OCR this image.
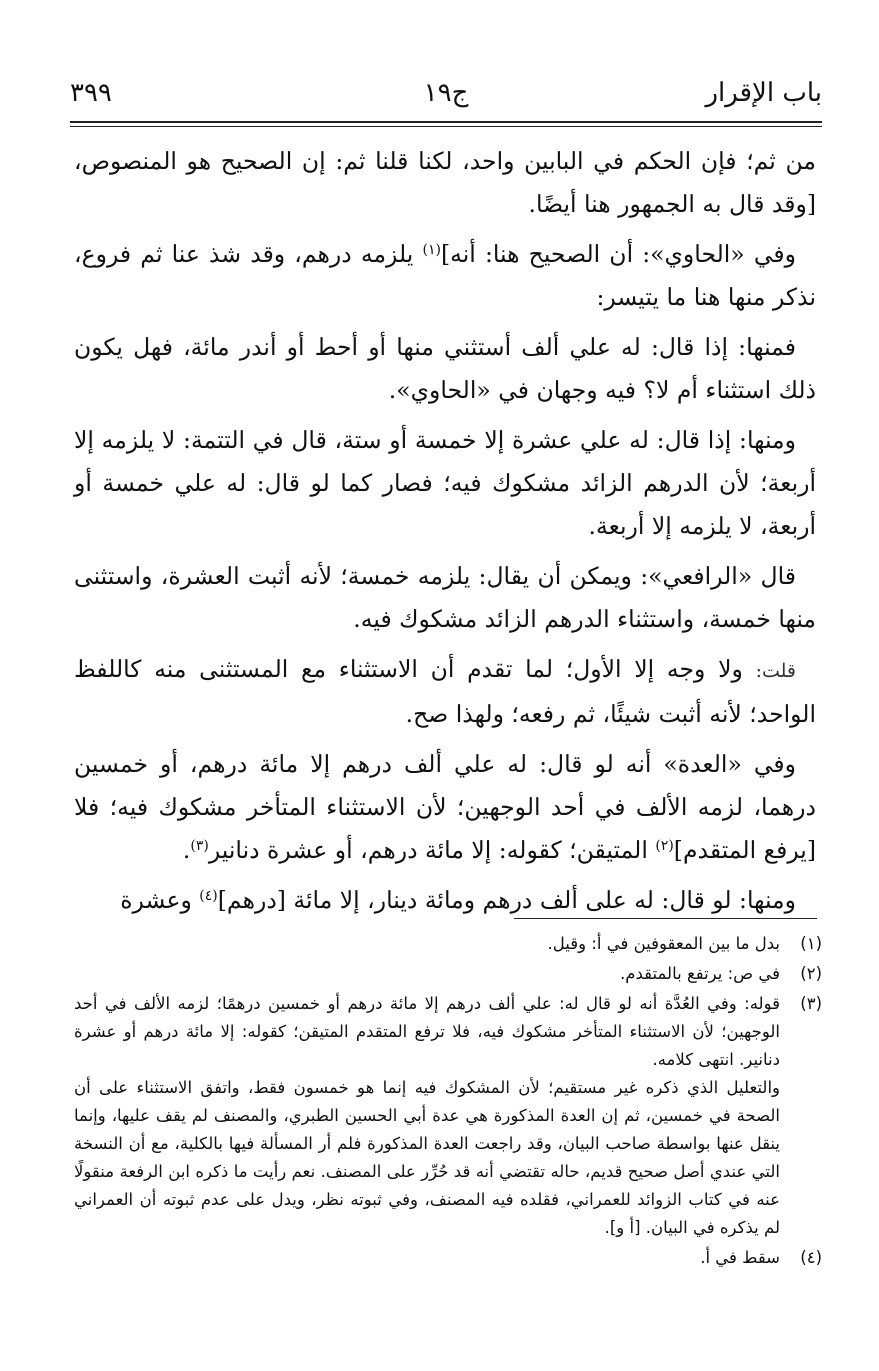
باب الإقرار
ج١٩
٣٩٩

من ثم؛ فإن الحكم في البابين واحد، لكنا قلنا ثم: إن الصحيح هو المنصوص، [وقد قال به الجمهور هنا أيضًا.

وفي «الحاوي»: أن الصحيح هنا: أنه]$^{(١)}$ يلزمه درهم، وقد شذ عنا ثم فروع، نذكر منها هنا ما يتيسر:

فمنها: إذا قال: له علي ألف أستثني منها أو أحط أو أندر مائة، فهل يكون ذلك استثناء أم لا؟ فيه وجهان في «الحاوي».

ومنها: إذا قال: له علي عشرة إلا خمسة أو ستة، قال في التتمة: لا يلزمه إلا أربعة؛ لأن الدرهم الزائد مشكوك فيه؛ فصار كما لو قال: له علي خمسة أو أربعة، لا يلزمه إلا أربعة.

قال «الرافعي»: ويمكن أن يقال: يلزمه خمسة؛ لأنه أثبت العشرة، واستثنى منها خمسة، واستثناء الدرهم الزائد مشكوك فيه.

قلت: ولا وجه إلا الأول؛ لما تقدم أن الاستثناء مع المستثنى منه كاللفظ الواحد؛ لأنه أثبت شيئًا، ثم رفعه؛ ولهذا صح.

وفي «العدة» أنه لو قال: له علي ألف درهم إلا مائة درهم، أو خمسين درهما، لزمه الألف في أحد الوجهين؛ لأن الاستثناء المتأخر مشكوك فيه؛ فلا [يرفع المتقدم]$^{(٢)}$ المتيقن؛ كقوله: إلا مائة درهم، أو عشرة دنانير$^{(٣)}$.

ومنها: لو قال: له على ألف درهم ومائة دينار، إلا مائة [درهم]$^{(٤)}$ وعشرة

(١)
بدل ما بين المعقوفين في أ: وقيل.
(٢)
في ص: يرتفع بالمتقدم.
(٣)
قوله: وفي العُدَّة أنه لو قال له: علي ألف درهم إلا مائة درهم أو خمسين درهمًا؛ لزمه الألف في أحد الوجهين؛ لأن الاستثناء المتأخر مشكوك فيه، فلا ترفع المتقدم المتيقن؛ كقوله: إلا مائة درهم أو عشرة دنانير. انتهى كلامه.
والتعليل الذي ذكره غير مستقيم؛ لأن المشكوك فيه إنما هو خمسون فقط، واتفق الاستثناء على أن الصحة في خمسين، ثم إن العدة المذكورة هي عدة أبي الحسين الطبري، والمصنف لم يقف عليها، وإنما ينقل عنها بواسطة صاحب البيان، وقد راجعت العدة المذكورة فلم أر المسألة فيها بالكلية، مع أن النسخة التي عندي أصل صحيح قديم، حاله تقتضي أنه قد حُرِّر على المصنف. نعم رأيت ما ذكره ابن الرفعة منقولًا عنه في كتاب الزوائد للعمراني، فقلده فيه المصنف، وفي ثبوته نظر، ويدل على عدم ثبوته أن العمراني لم يذكره في البيان. [أ و].
(٤)
سقط في أ.
